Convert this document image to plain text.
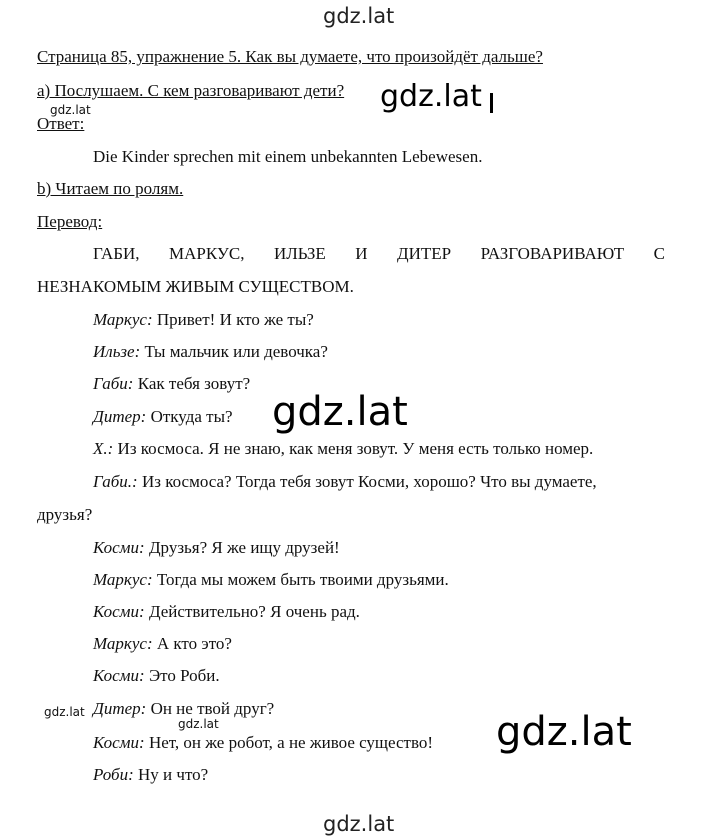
gdz.lat
gdz.lat
Страница 85, упражнение 5. Как вы думаете, что произойдёт дальше?
а) Послушаем. С кем разговаривают дети?
gdz.lat	gdz.lat
Ответ:
Die Kinder sprechen mit einem unbekannten Lebewesen.
b) Читаем по ролям.
Перевод:
ГАБИ, МАРКУС, ИЛЬЗЕ И ДИТЕР РАЗГОВАРИВАЮТ С
НЕЗНАКОМЫМ ЖИВЫМ СУЩЕСТВОМ.
Маркус: Привет! И кто же ты?
Ильзе: Ты мальчик или девочка?
Габи: Как тебя зовут?
Дитер: Откуда ты? gdz.lat
Х.: Из космоса. Я не знаю, как меня зовут. У меня есть только номер.
Габи.: Из космоса? Тогда тебя зовут Косми, хорошо? Что вы думаете,
друзья?
Косми: Друзья? Я же ищу друзей!
Маркус: Тогда мы можем быть твоими друзьями.
Косми: Действительно? Я очень рад.
Маркус: А кто это?
Косми: Это Роби.
gdz.lat Дитер: Он не твой друг?
gdz.lat
Косми: Нет, он же робот, а не живое существо! gdz.lat
Роби: Ну и что?
